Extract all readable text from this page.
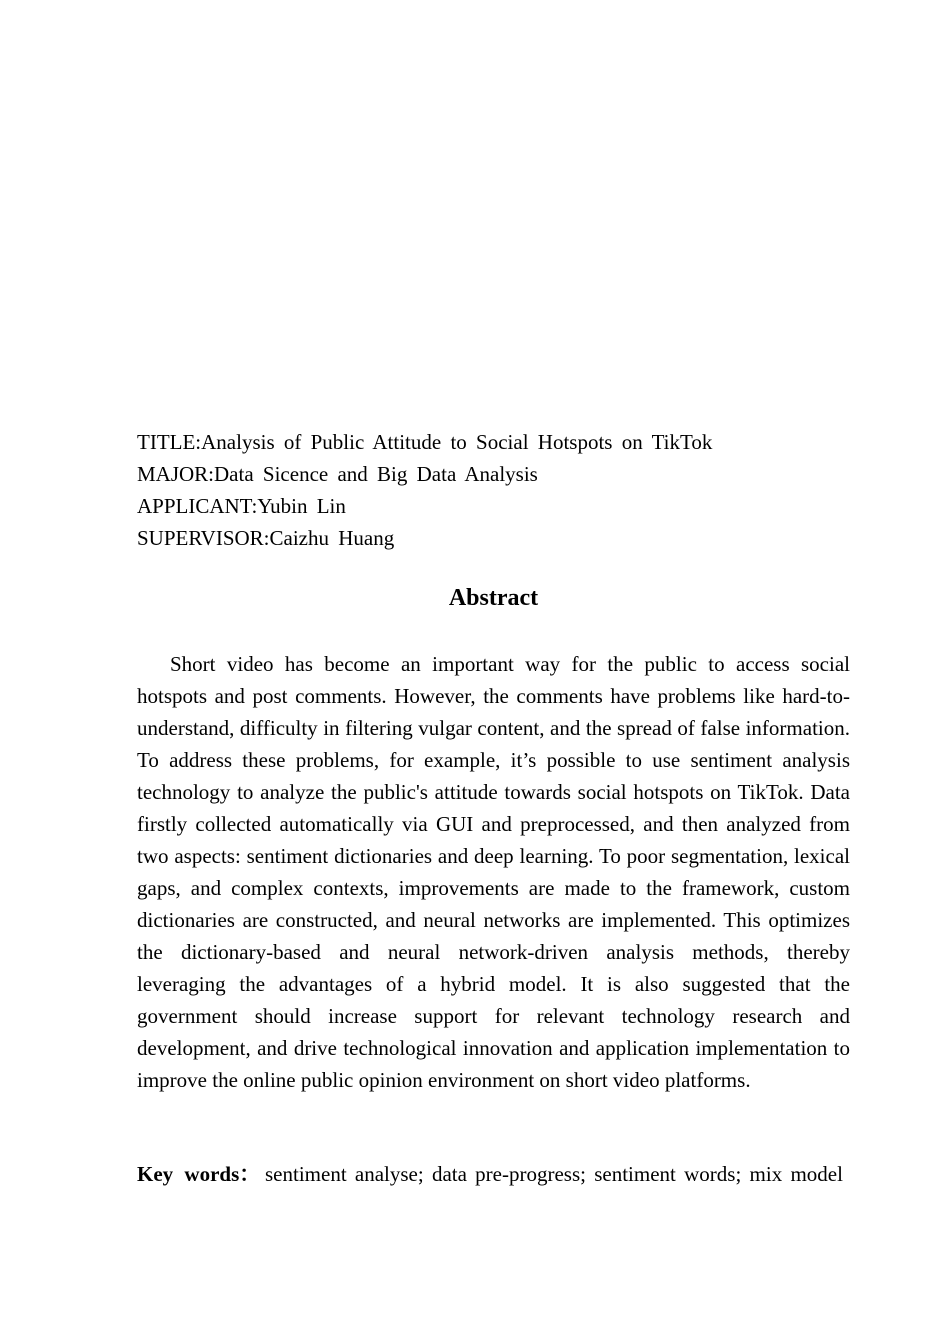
TITLE:Analysis of Public Attitude to Social Hotspots on TikTok
MAJOR:Data Sicence and Big Data Analysis
APPLICANT:Yubin Lin
SUPERVISOR:Caizhu Huang
Abstract

Short video has become an important way for the public to access social hotspots and post comments. However, the comments have problems like hard-to-understand, difficulty in filtering vulgar content, and the spread of false information. To address these problems, for example, it’s possible to use sentiment analysis technology to analyze the public's attitude towards social hotspots on TikTok. Data firstly collected automatically via GUI and preprocessed, and then analyzed from two aspects: sentiment dictionaries and deep learning. To poor segmentation, lexical gaps, and complex contexts, improvements are made to the framework, custom dictionaries are constructed, and neural networks are implemented. This optimizes the dictionary-based and neural network-driven analysis methods, thereby leveraging the advantages of a hybrid model. It is also suggested that the government should increase support for relevant technology research and development, and drive technological innovation and application implementation to improve the online public opinion environment on short video platforms.

Key words： sentiment analyse; data pre-progress; sentiment words; mix model
